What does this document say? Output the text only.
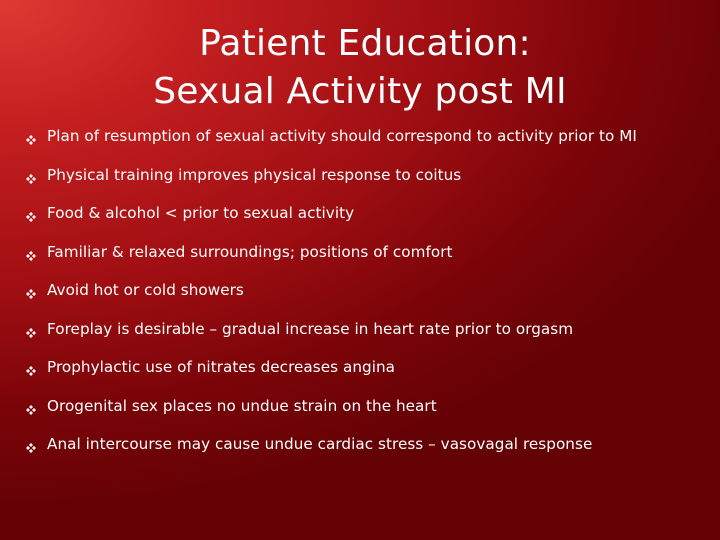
Patient Education:
Sexual Activity post MI
Plan of resumption of sexual activity should correspond to activity prior to MI
Physical training improves physical response to coitus
Food & alcohol < prior to sexual activity
Familiar & relaxed surroundings; positions of comfort
Avoid hot or cold showers
Foreplay is desirable – gradual increase in heart rate prior to orgasm
Prophylactic use of nitrates decreases angina
Orogenital sex places no undue strain on the heart
Anal intercourse may cause undue cardiac stress – vasovagal response
